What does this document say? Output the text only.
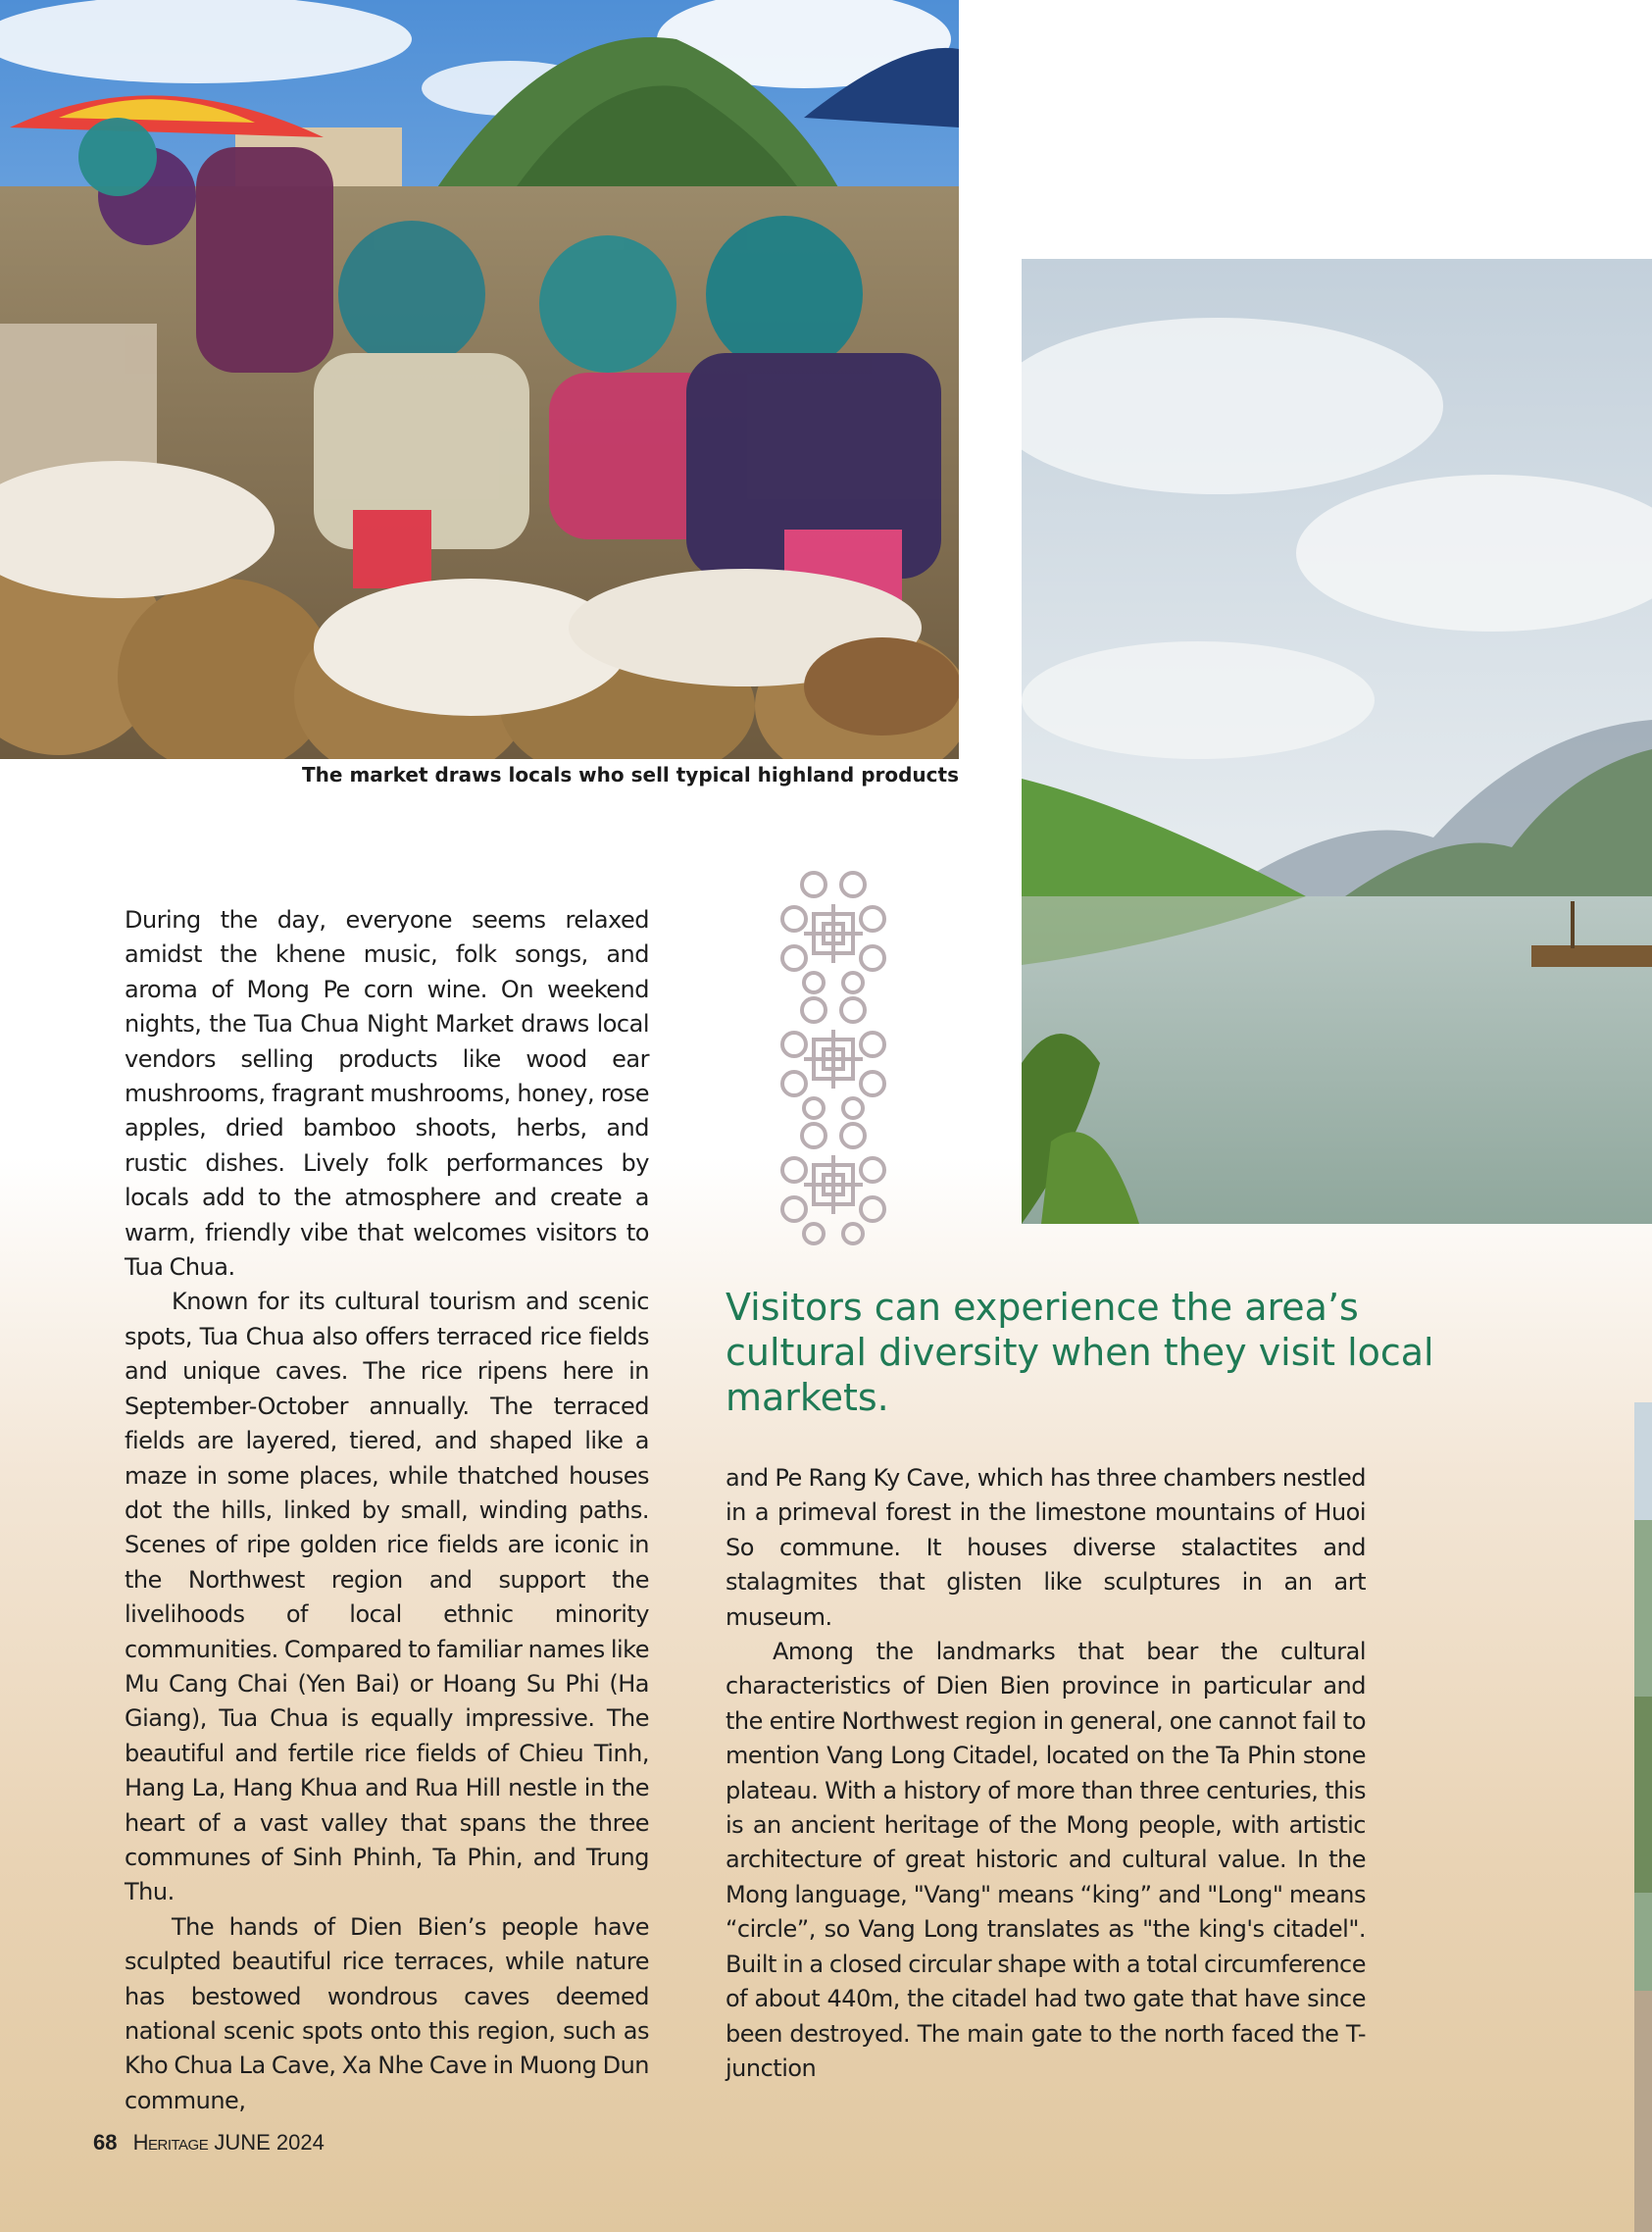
The market draws locals who sell typical highland products

During the day, everyone seems relaxed amidst the khene music, folk songs, and aroma of Mong Pe corn wine. On weekend nights, the Tua Chua Night Market draws local vendors selling products like wood ear mushrooms, fragrant mushrooms, honey, rose apples, dried bamboo shoots, herbs, and rustic dishes. Lively folk performances by locals add to the atmosphere and create a warm, friendly vibe that welcomes visitors to Tua Chua.

Known for its cultural tourism and scenic spots, Tua Chua also offers terraced rice fields and unique caves. The rice ripens here in September-October annually. The terraced fields are layered, tiered, and shaped like a maze in some places, while thatched houses dot the hills, linked by small, winding paths. Scenes of ripe golden rice fields are iconic in the Northwest region and support the livelihoods of local ethnic minority communities. Compared to familiar names like Mu Cang Chai (Yen Bai) or Hoang Su Phi (Ha Giang), Tua Chua is equally impressive. The beautiful and fertile rice fields of Chieu Tinh, Hang La, Hang Khua and Rua Hill nestle in the heart of a vast valley that spans the three communes of Sinh Phinh, Ta Phin, and Trung Thu.

The hands of Dien Bien’s people have sculpted beautiful rice terraces, while nature has bestowed wondrous caves deemed national scenic spots onto this region, such as Kho Chua La Cave, Xa Nhe Cave in Muong Dun commune,

Visitors can experience the area’s cultural diversity when they visit local markets.

and Pe Rang Ky Cave, which has three chambers nestled in a primeval forest in the limestone mountains of Huoi So commune. It houses diverse stalactites and stalagmites that glisten like sculptures in an art museum.

Among the landmarks that bear the cultural characteristics of Dien Bien province in particular and the entire Northwest region in general, one cannot fail to mention Vang Long Citadel, located on the Ta Phin stone plateau. With a history of more than three centuries, this is an ancient heritage of the Mong people, with artistic architecture of great historic and cultural value. In the Mong language, "Vang" means “king” and "Long" means “circle”, so Vang Long translates as "the king's citadel". Built in a closed circular shape with a total circumference of about 440m, the citadel had two gate that have since been destroyed. The main gate to the north faced the T-junction

68 Heritage JUNE 2024
